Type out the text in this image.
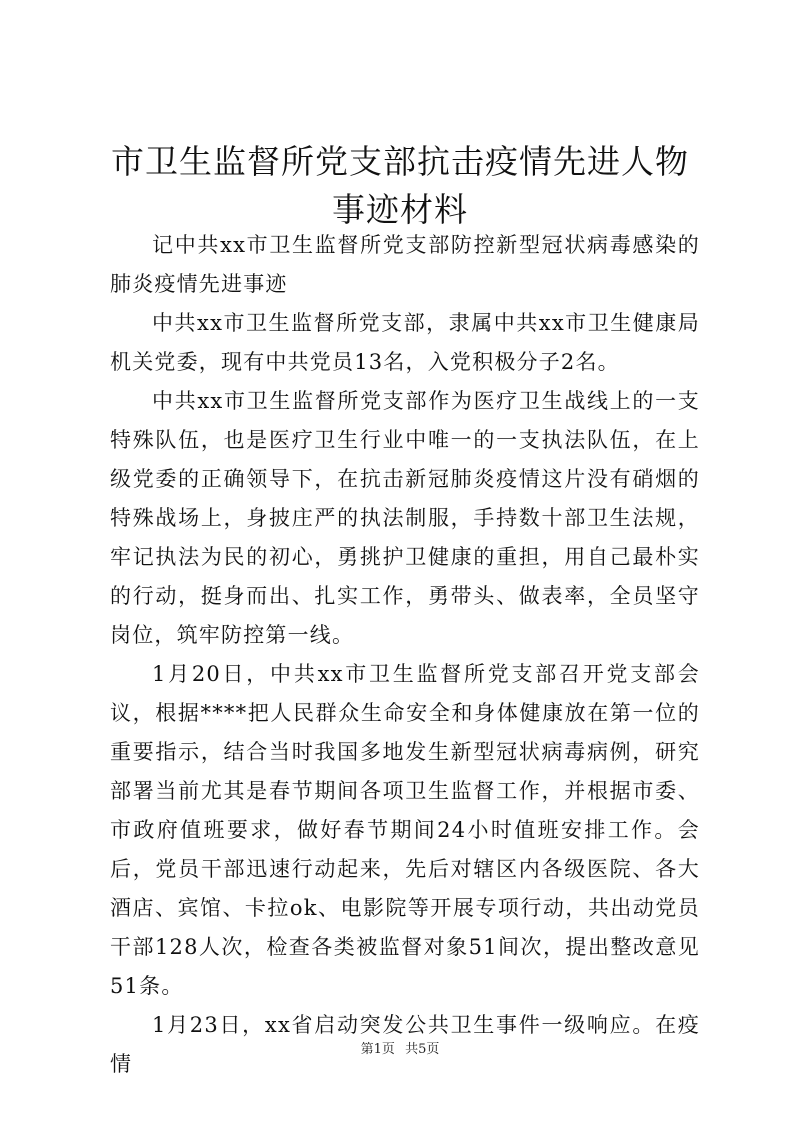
市卫生监督所党支部抗击疫情先进人物事迹材料

记中共xx市卫生监督所党支部防控新型冠状病毒感染的肺炎疫情先进事迹

中共xx市卫生监督所党支部，隶属中共xx市卫生健康局机关党委，现有中共党员13名，入党积极分子2名。

中共xx市卫生监督所党支部作为医疗卫生战线上的一支特殊队伍，也是医疗卫生行业中唯一的一支执法队伍，在上级党委的正确领导下，在抗击新冠肺炎疫情这片没有硝烟的特殊战场上，身披庄严的执法制服，手持数十部卫生法规，牢记执法为民的初心，勇挑护卫健康的重担，用自己最朴实的行动，挺身而出、扎实工作，勇带头、做表率，全员坚守岗位，筑牢防控第一线。

1月20日，中共xx市卫生监督所党支部召开党支部会议，根据****把人民群众生命安全和身体健康放在第一位的重要指示，结合当时我国多地发生新型冠状病毒病例，研究部署当前尤其是春节期间各项卫生监督工作，并根据市委、市政府值班要求，做好春节期间24小时值班安排工作。会后，党员干部迅速行动起来，先后对辖区内各级医院、各大酒店、宾馆、卡拉ok、电影院等开展专项行动，共出动党员干部128人次，检查各类被监督对象51间次，提出整改意见51条。

1月23日，xx省启动突发公共卫生事件一级响应。在疫情

第1页 共5页
